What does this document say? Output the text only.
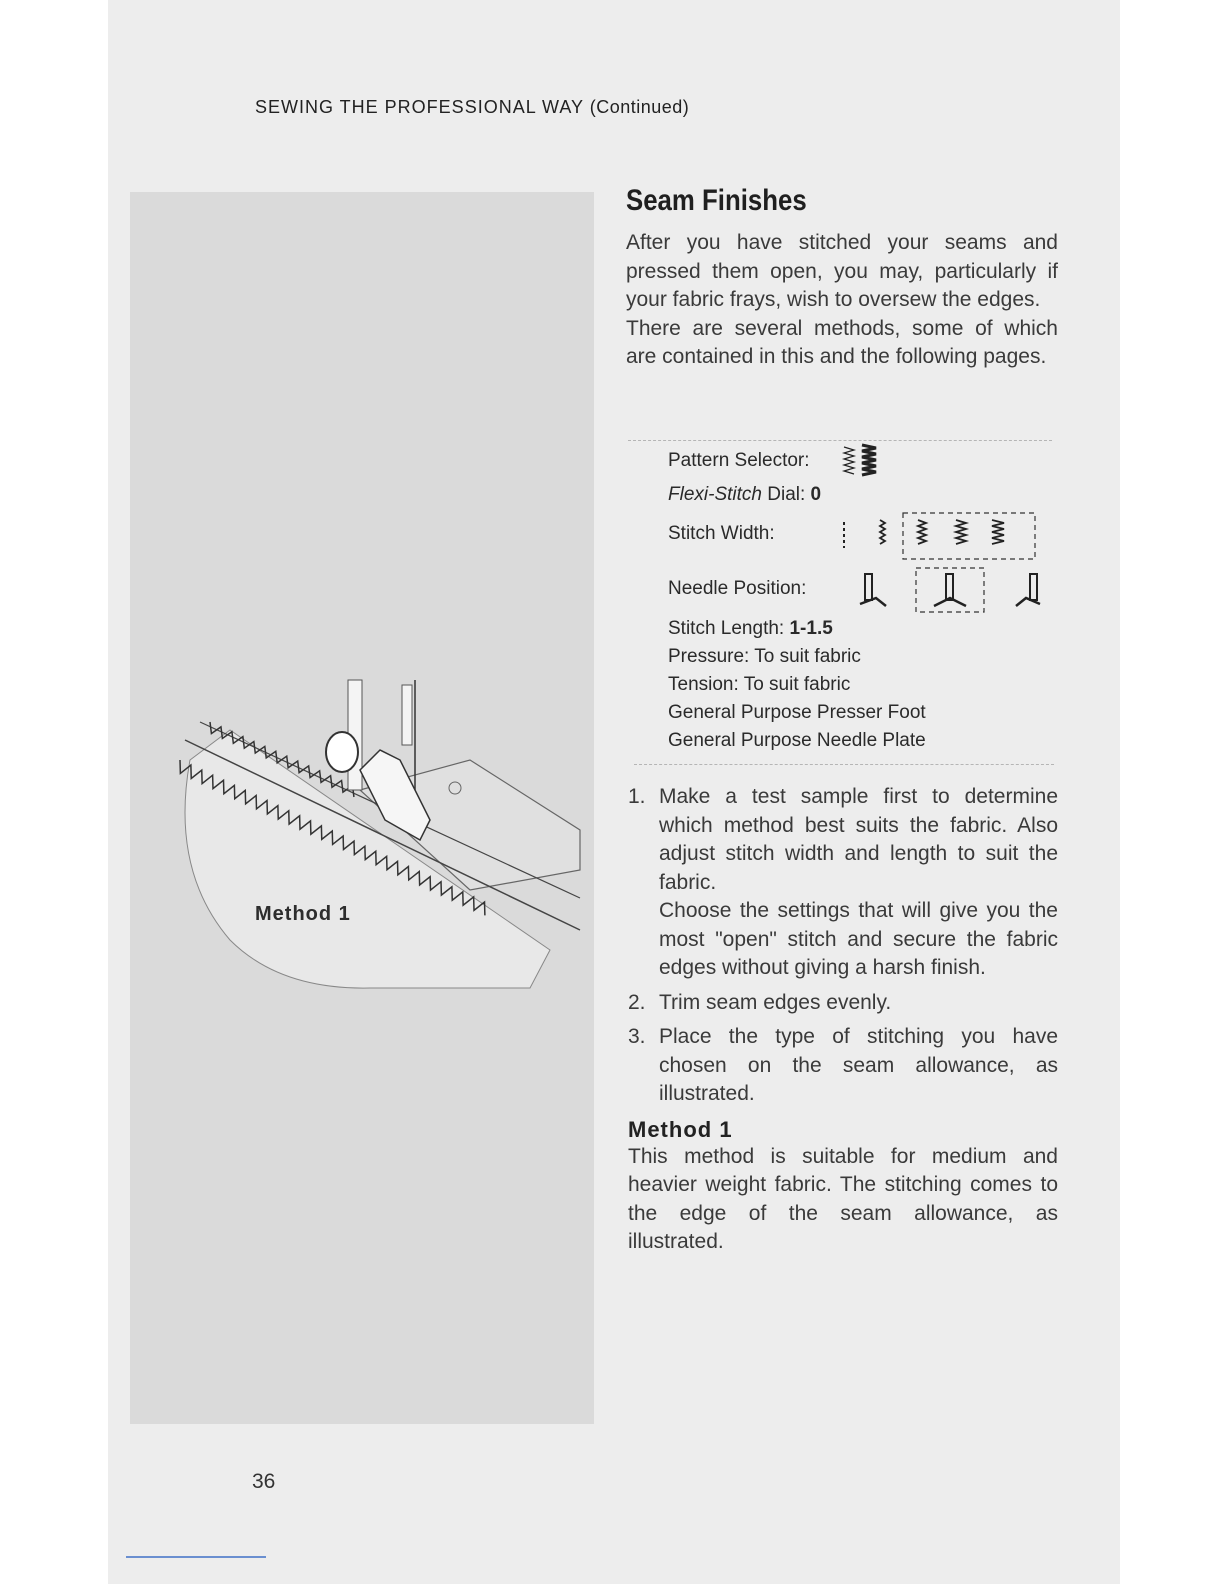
SEWING THE PROFESSIONAL WAY (Continued)
Method 1
Seam Finishes

After you have stitched your seams and pressed them open, you may, particularly if your fabric frays, wish to oversew the edges.

There are several methods, some of which are contained in this and the following pages.

Pattern Selector:
Flexi-Stitch Dial: 0
Stitch Width:
Needle Position:
Stitch Length: 1-1.5
Pressure: To suit fabric
Tension: To suit fabric
General Purpose Presser Foot
General Purpose Needle Plate
1. Make a test sample first to determine which method best suits the fabric. Also adjust stitch width and length to suit the fabric.
Choose the settings that will give you the most "open" stitch and secure the fabric edges without giving a harsh finish.
2. Trim seam edges evenly.
3. Place the type of stitching you have chosen on the seam allowance, as illustrated.
Method 1

This method is suitable for medium and heavier weight fabric. The stitching comes to the edge of the seam allowance, as illustrated.

36
